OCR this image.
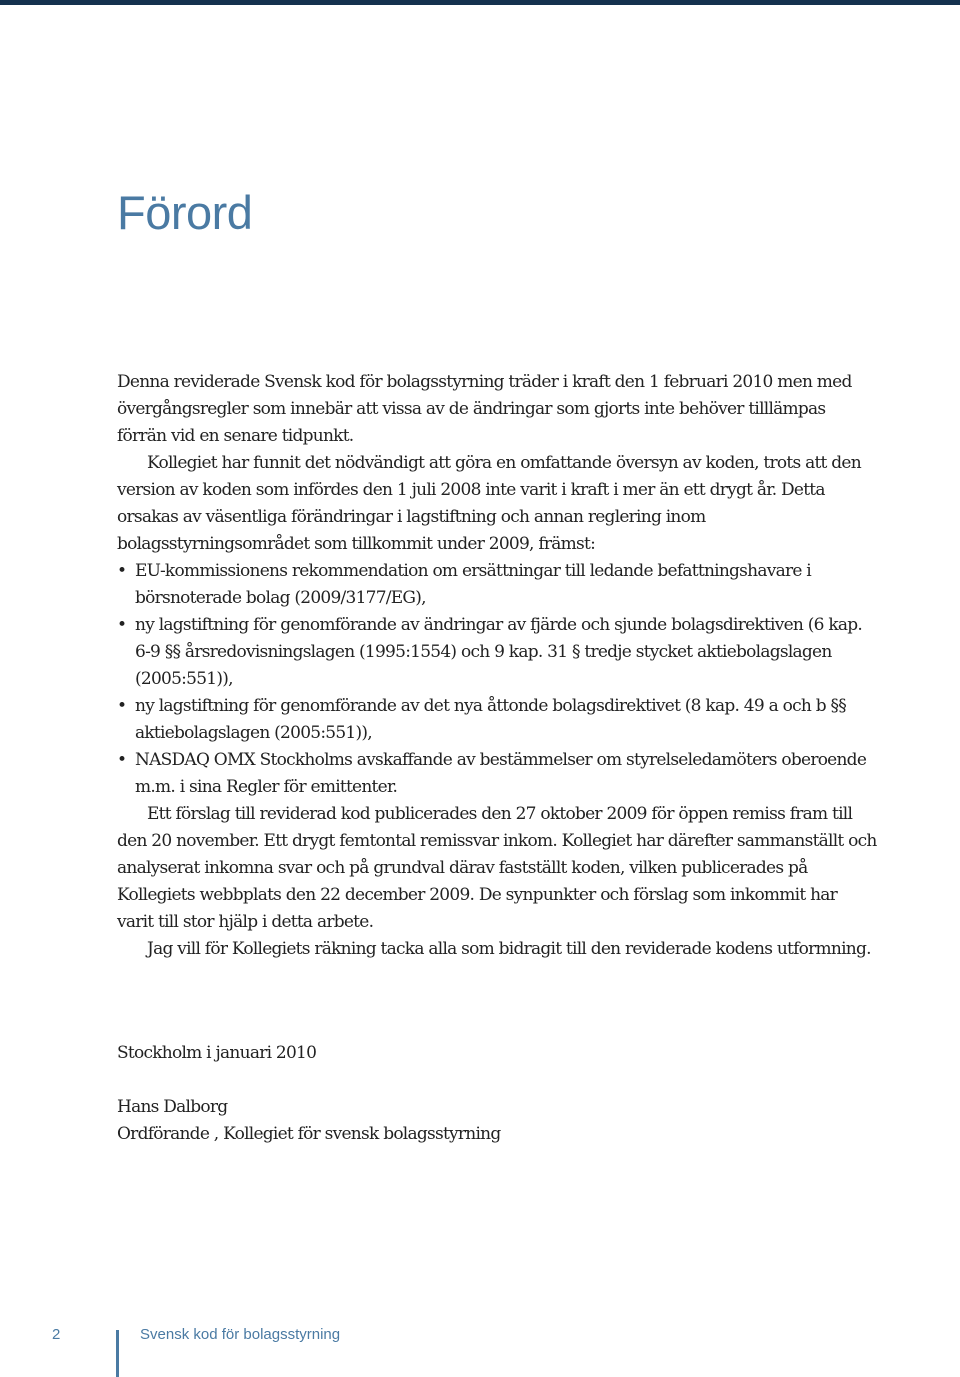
Förord

Denna reviderade Svensk kod för bolagsstyrning träder i kraft den 1 februari 2010 men med övergångsregler som innebär att vissa av de ändringar som gjorts inte behöver tilllämpas förrän vid en senare tidpunkt.

Kollegiet har funnit det nödvändigt att göra en omfattande översyn av koden, trots att den version av koden som infördes den 1 juli 2008 inte varit i kraft i mer än ett drygt år. Detta orsakas av väsentliga förändringar i lagstiftning och annan reglering inom bolagsstyrningsområdet som tillkommit under 2009, främst:

• EU-kommissionens rekommendation om ersättningar till ledande befattningshavare i börsnoterade bolag (2009/3177/EG),
• ny lagstiftning för genomförande av ändringar av fjärde och sjunde bolagsdirektiven (6 kap. 6-9 §§ årsredovisningslagen (1995:1554) och 9 kap. 31 § tredje stycket aktiebolagslagen (2005:551)),
• ny lagstiftning för genomförande av det nya åttonde bolagsdirektivet (8 kap. 49 a och b §§ aktiebolagslagen (2005:551)),
• NASDAQ OMX Stockholms avskaffande av bestämmelser om styrelseledamöters oberoende m.m. i sina Regler för emittenter.

Ett förslag till reviderad kod publicerades den 27 oktober 2009 för öppen remiss fram till den 20 november. Ett drygt femtontal remissvar inkom. Kollegiet har därefter sammanställt och analyserat inkomna svar och på grundval därav fastställt koden, vilken publicerades på Kollegiets webbplats den 22 december 2009. De synpunkter och förslag som inkommit har varit till stor hjälp i detta arbete.

Jag vill för Kollegiets räkning tacka alla som bidragit till den reviderade kodens utformning.

Stockholm i januari 2010
Hans Dalborg
Ordförande , Kollegiet för svensk bolagsstyrning
2	Svensk kod för bolagsstyrning
